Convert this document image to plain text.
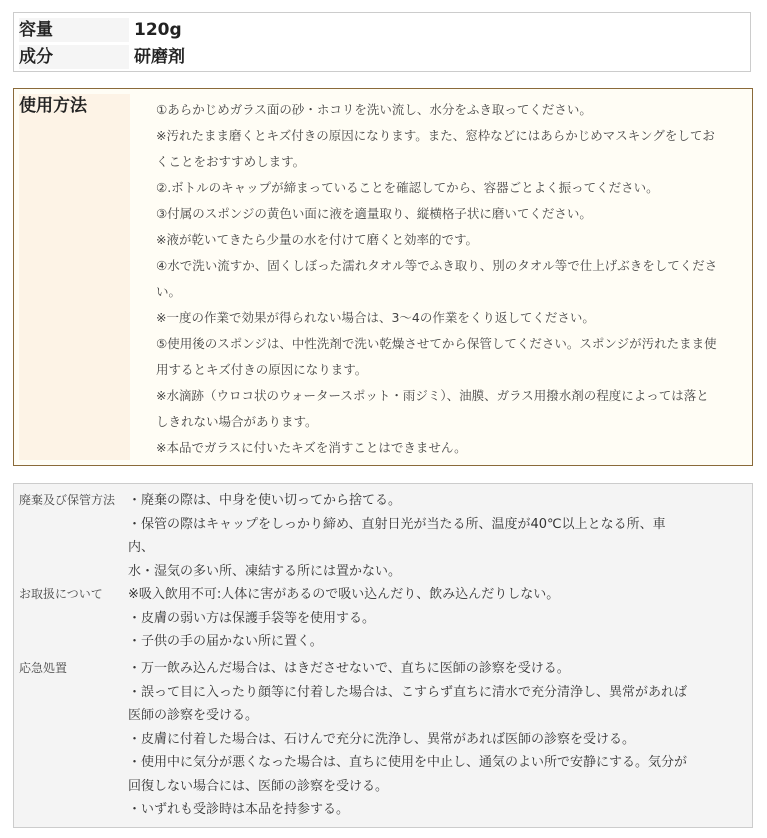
容量	120g
成分	研磨剤
使用方法	①あらかじめガラス面の砂・ホコリを洗い流し、水分をふき取ってください。

※汚れたまま磨くとキズ付きの原因になります。また、窓枠などにはあらかじめマスキングをしてお

くことをおすすめします。

②.ボトルのキャップが締まっていることを確認してから、容器ごとよく振ってください。

③付属のスポンジの黄色い面に液を適量取り、縦横格子状に磨いてください。

※液が乾いてきたら少量の水を付けて磨くと効率的です。

④水で洗い流すか、固くしぼった濡れタオル等でふき取り、別のタオル等で仕上げぶきをしてくださ

い。

※一度の作業で効果が得られない場合は、3～4の作業をくり返してください。

⑤使用後のスポンジは、中性洗剤で洗い乾燥させてから保管してください。スポンジが汚れたまま使

用するとキズ付きの原因になります。

※水滴跡（ウロコ状のウォータースポット・雨ジミ）、油膜、ガラス用撥水剤の程度によっては落と

しきれない場合があります。

※本品でガラスに付いたキズを消すことはできません。

廃棄及び保管方法 ・廃棄の際は、中身を使い切ってから捨てる。

・保管の際はキャップをしっかり締め、直射日光が当たる所、温度が40℃以上となる所、車

内、

水・湿気の多い所、凍結する所には置かない。

お取扱について	※吸入飲用不可:人体に害があるので吸い込んだり、飲み込んだりしない。

・皮膚の弱い方は保護手袋等を使用する。

・子供の手の届かない所に置く。

応急処置	・万一飲み込んだ場合は、はきださせないで、直ちに医師の診察を受ける。

・誤って目に入ったり顔等に付着した場合は、こすらず直ちに清水で充分清浄し、異常があれば

医師の診察を受ける。

・皮膚に付着した場合は、石けんで充分に洗浄し、異常があれば医師の診察を受ける。

・使用中に気分が悪くなった場合は、直ちに使用を中止し、通気のよい所で安静にする。気分が

回復しない場合には、医師の診察を受ける。

・いずれも受診時は本品を持参する。
